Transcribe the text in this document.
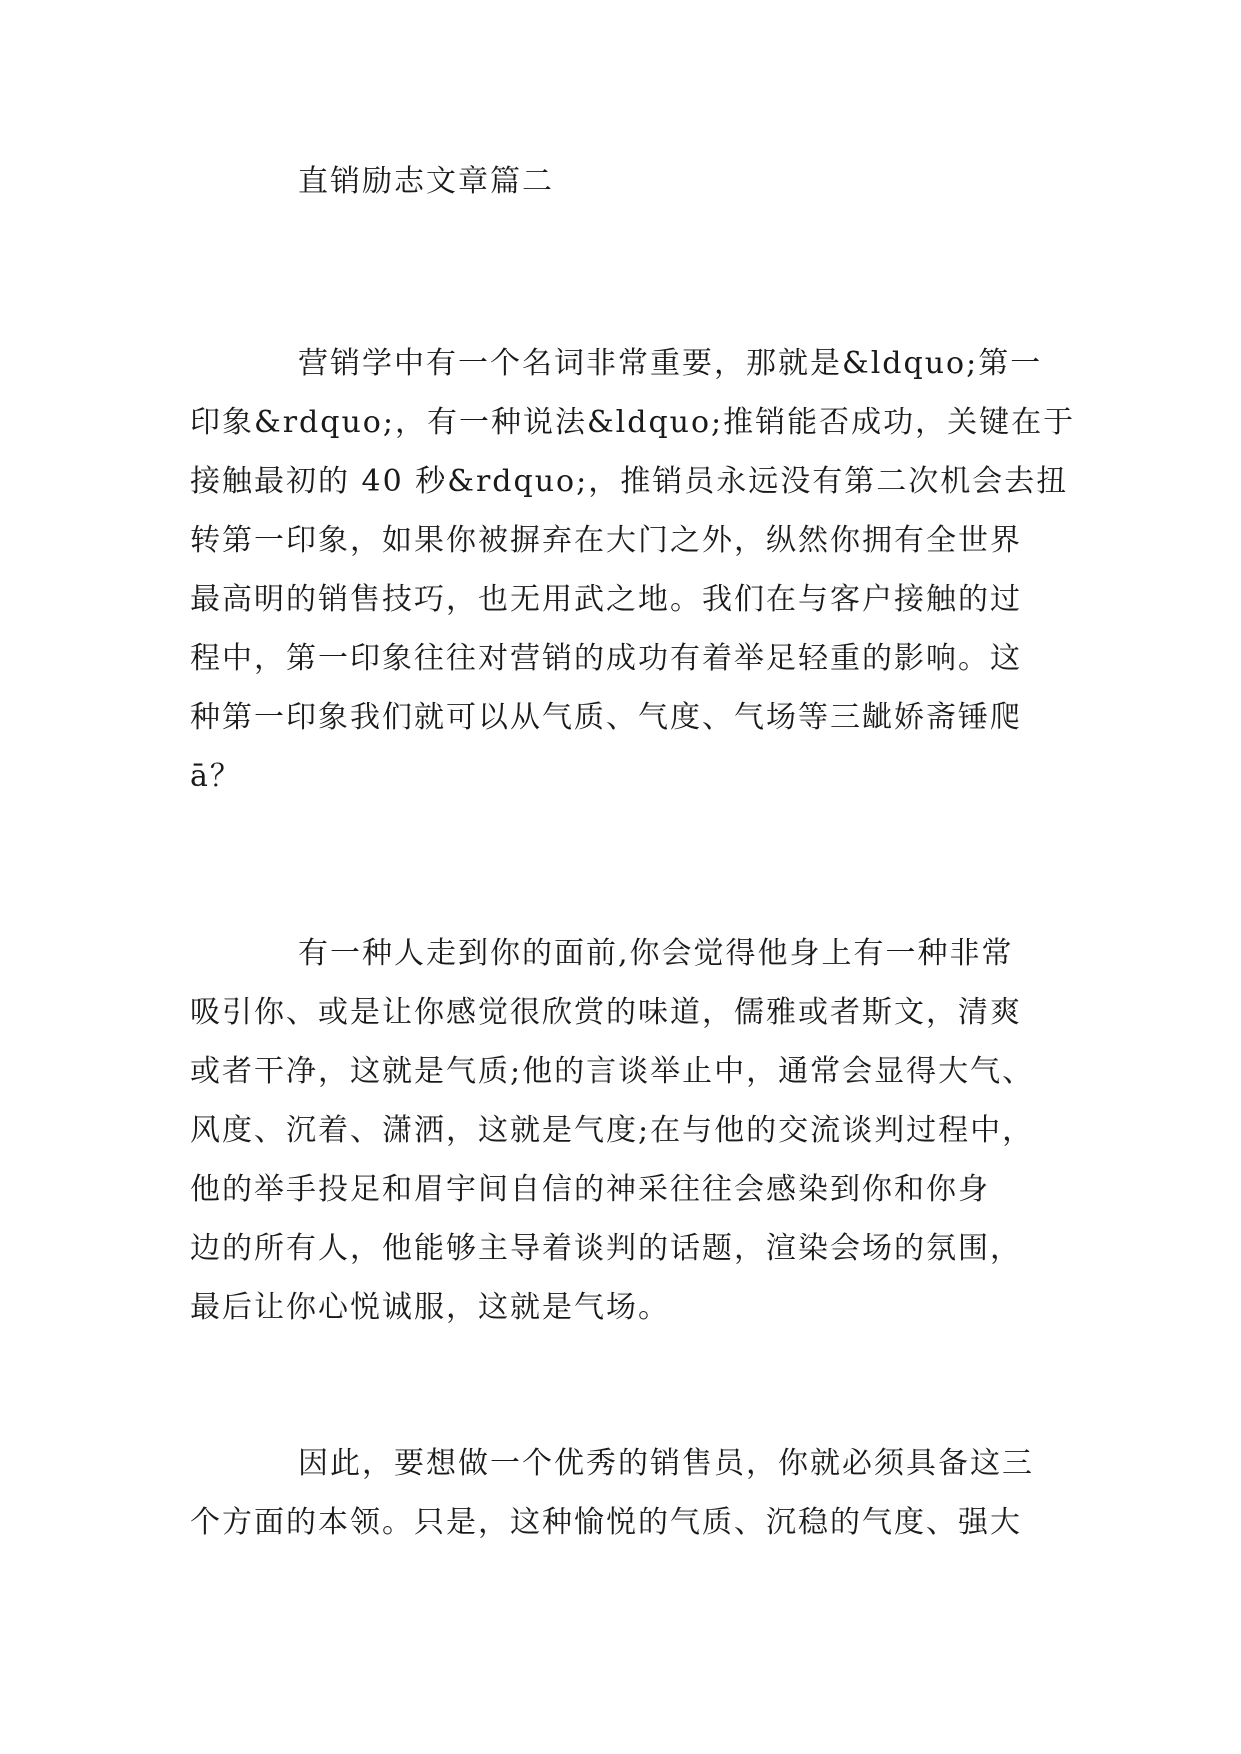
直销励志文章篇二
营销学中有一个名词非常重要，那就是&ldquo;第一
印象&rdquo;，有一种说法&ldquo;推销能否成功，关键在于
接触最初的 40 秒&rdquo;，推销员永远没有第二次机会去扭
转第一印象，如果你被摒弃在大门之外，纵然你拥有全世界
最高明的销售技巧，也无用武之地。我们在与客户接触的过
程中，第一印象往往对营销的成功有着举足轻重的影响。这
种第一印象我们就可以从气质、气度、气场等三龇娇斋锤爬
ā？
有一种人走到你的面前,你会觉得他身上有一种非常
吸引你、或是让你感觉很欣赏的味道，儒雅或者斯文，清爽
或者干净，这就是气质;他的言谈举止中，通常会显得大气、
风度、沉着、潇洒，这就是气度;在与他的交流谈判过程中，
他的举手投足和眉宇间自信的神采往往会感染到你和你身
边的所有人，他能够主导着谈判的话题，渲染会场的氛围，
最后让你心悦诚服，这就是气场。
因此，要想做一个优秀的销售员，你就必须具备这三
个方面的本领。只是，这种愉悦的气质、沉稳的气度、强大
